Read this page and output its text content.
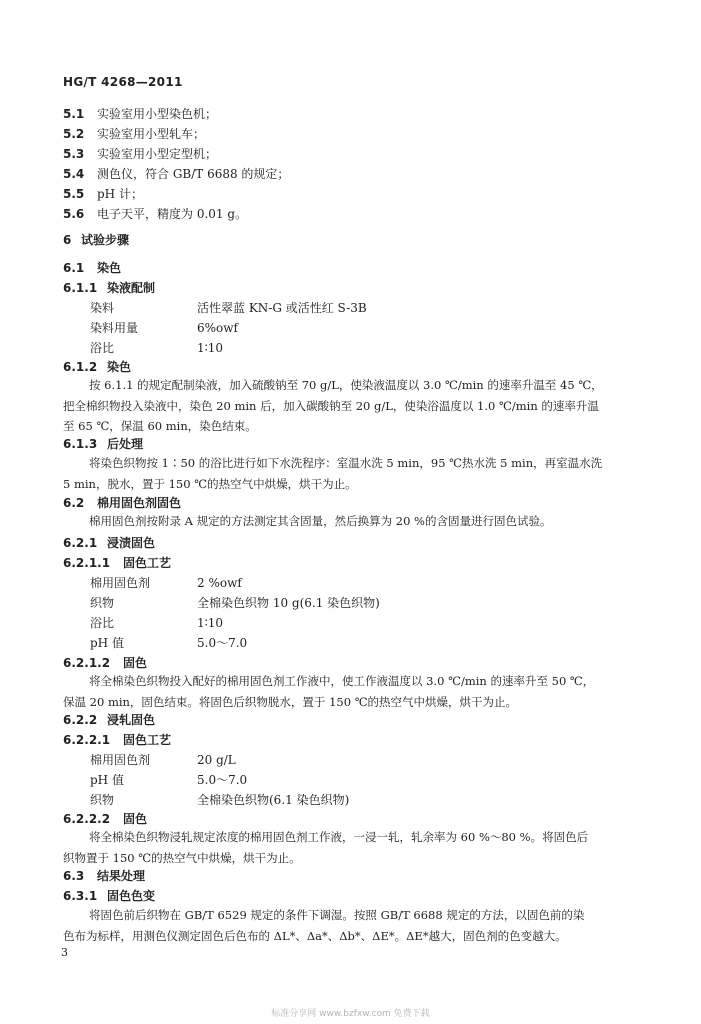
HG/T 4268—2011
5.1 实验室用小型染色机；
5.2 实验室用小型轧车；
5.3 实验室用小型定型机；
5.4 测色仪，符合 GB/T 6688 的规定；
5.5 pH 计；
5.6 电子天平，精度为 0.01 g。
6 试验步骤
6.1 染色
6.1.1 染液配制
染料	活性翠蓝 KN-G 或活性红 S-3B
染料用量	6%owf
浴比	1∶10
6.1.2 染色
按 6.1.1 的规定配制染液，加入硫酸钠至 70 g/L，使染液温度以 3.0 ℃/min 的速率升温至 45 ℃，
把全棉织物投入染液中，染色 20 min 后，加入碳酸钠至 20 g/L，使染浴温度以 1.0 ℃/min 的速率升温
至 65 ℃，保温 60 min，染色结束。
6.1.3 后处理
将染色织物按 1∶50 的浴比进行如下水洗程序：室温水洗 5 min，95 ℃热水洗 5 min，再室温水洗
5 min，脱水，置于 150 ℃的热空气中烘燥，烘干为止。
6.2 棉用固色剂固色
棉用固色剂按附录 A 规定的方法测定其含固量，然后换算为 20 %的含固量进行固色试验。
6.2.1 浸渍固色
6.2.1.1 固色工艺
棉用固色剂	2 %owf
织物	全棉染色织物 10 g(6.1 染色织物)
浴比	1∶10
pH 值	5.0～7.0
6.2.1.2 固色
将全棉染色织物投入配好的棉用固色剂工作液中，使工作液温度以 3.0 ℃/min 的速率升至 50 ℃，
保温 20 min，固色结束。将固色后织物脱水，置于 150 ℃的热空气中烘燥，烘干为止。
6.2.2 浸轧固色
6.2.2.1 固色工艺
棉用固色剂	20 g/L
pH 值	5.0～7.0
织物	全棉染色织物(6.1 染色织物)
6.2.2.2 固色
将全棉染色织物浸轧规定浓度的棉用固色剂工作液，一浸一轧，轧余率为 60 %～80 %。将固色后
织物置于 150 ℃的热空气中烘燥，烘干为止。
6.3 结果处理
6.3.1 固色色变
将固色前后织物在 GB/T 6529 规定的条件下调湿。按照 GB/T 6688 规定的方法，以固色前的染
色布为标样，用测色仪测定固色后色布的 ΔL*、Δa*、Δb*、ΔE*。ΔE*越大，固色剂的色变越大。
3
标准分享网 www.bzfxw.com 免费下载
